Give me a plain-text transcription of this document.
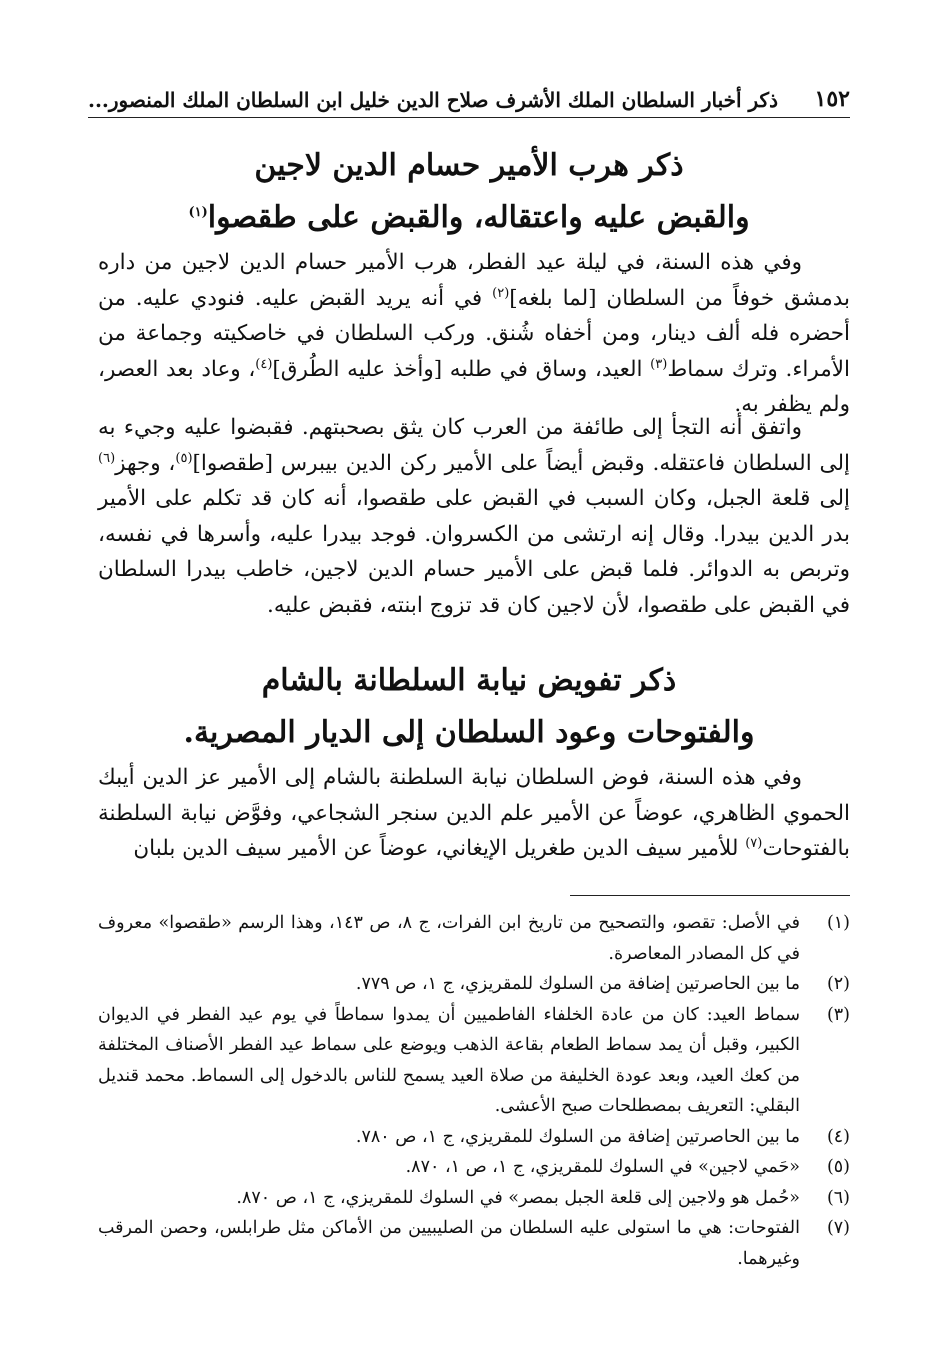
١٥٢
ذكر أخبار السلطان الملك الأشرف صلاح الدين خليل ابن السلطان الملك المنصور...
ذكر هرب الأمير حسام الدين لاجين
والقبض عليه واعتقاله، والقبض على طقصوا$^{(١)}$
وفي هذه السنة، في ليلة عيد الفطر، هرب الأمير حسام الدين لاجين من داره بدمشق خوفاً من السلطان [لما بلغه]$^{(٢)}$ في أنه يريد القبض عليه. فنودي عليه. من أحضره فله ألف دينار، ومن أخفاه شُنق. وركب السلطان في خاصكيته وجماعة من الأمراء. وترك سماط$^{(٣)}$ العيد، وساق في طلبه [وأخذ عليه الطُرق]$^{(٤)}$، وعاد بعد العصر، ولم يظفر به.
واتفق أنه التجأ إلى طائفة من العرب كان يثق بصحبتهم. فقبضوا عليه وجيء به إلى السلطان فاعتقله. وقبض أيضاً على الأمير ركن الدين بيبرس [طقصوا]$^{(٥)}$، وجهز$^{(٦)}$ إلى قلعة الجبل، وكان السبب في القبض على طقصوا، أنه كان قد تكلم على الأمير بدر الدين بيدرا. وقال إنه ارتشى من الكسروان. فوجد بيدرا عليه، وأسرها في نفسه، وتربص به الدوائر. فلما قبض على الأمير حسام الدين لاجين، خاطب بيدرا السلطان في القبض على طقصوا، لأن لاجين كان قد تزوج ابنته، فقبض عليه.
ذكر تفويض نيابة السلطانة بالشام
والفتوحات وعود السلطان إلى الديار المصرية.
وفي هذه السنة، فوض السلطان نيابة السلطنة بالشام إلى الأمير عز الدين أيبك الحموي الظاهري، عوضاً عن الأمير علم الدين سنجر الشجاعي، وفوَّض نيابة السلطنة بالفتوحات$^{(٧)}$ للأمير سيف الدين طغريل الإيغاني، عوضاً عن الأمير سيف الدين بلبان
(١)
في الأصل: تقصو، والتصحيح من تاريخ ابن الفرات، ج ٨، ص ١٤٣، وهذا الرسم «طقصوا» معروف في كل المصادر المعاصرة.
(٢)
ما بين الحاصرتين إضافة من السلوك للمقريزي، ج ١، ص ٧٧٩.
(٣)
سماط العيد: كان من عادة الخلفاء الفاطميين أن يمدوا سماطاً في يوم عيد الفطر في الديوان الكبير، وقبل أن يمد سماط الطعام بقاعة الذهب ويوضع على سماط عيد الفطر الأصناف المختلفة من كعك العيد، وبعد عودة الخليفة من صلاة العيد يسمح للناس بالدخول إلى السماط. محمد قنديل البقلي: التعريف بمصطلحات صبح الأعشى.
(٤)
ما بين الحاصرتين إضافة من السلوك للمقريزي، ج ١، ص ٧٨٠.
(٥)
«حَمي لاجين» في السلوك للمقريزي، ج ١، ص ١، ٨٧٠.
(٦)
«حُمل هو ولاجين إلى قلعة الجبل بمصر» في السلوك للمقريزي، ج ١، ص ٨٧٠.
(٧)
الفتوحات: هي ما استولى عليه السلطان من الصليبيين من الأماكن مثل طرابلس، وحصن المرقب وغيرهما.
